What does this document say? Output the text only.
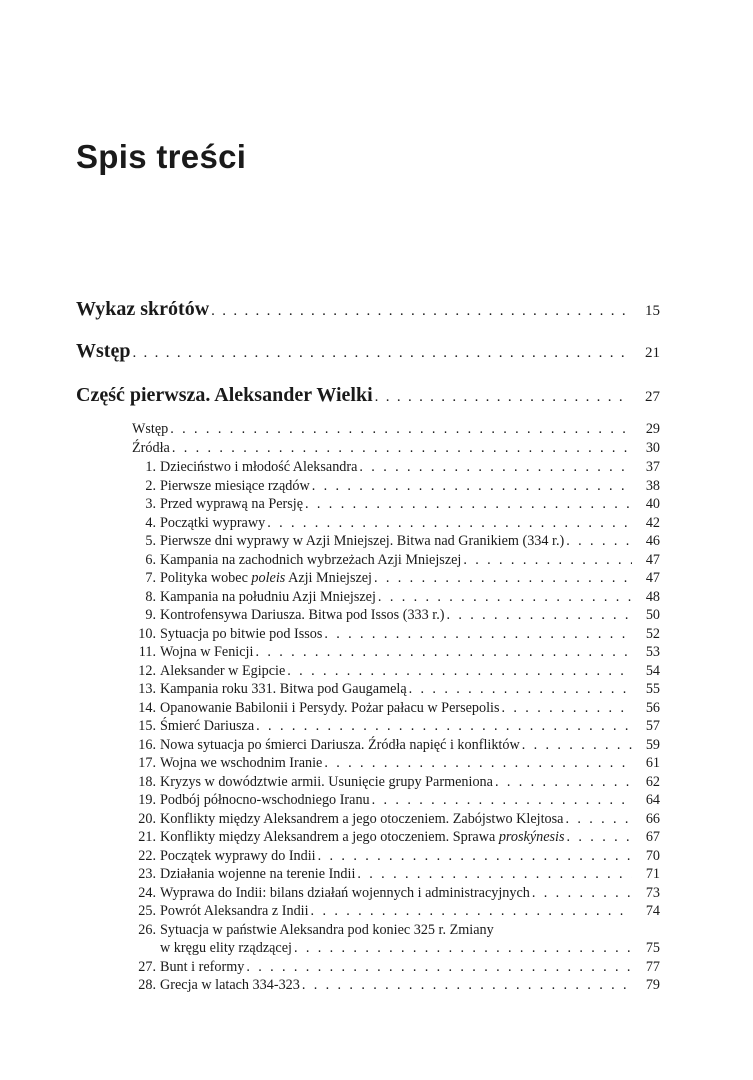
Spis treści
Wykaz skrótów . . .	15
Wstęp . . .	21
Część pierwsza. Aleksander Wielki . . .	27
Wstęp . . .	29
Źródła . . .	30
1. Dzieciństwo i młodość Aleksandra . . .	37
2. Pierwsze miesiące rządów . . .	38
3. Przed wyprawą na Persję . . .	40
4. Początki wyprawy . . .	42
5. Pierwsze dni wyprawy w Azji Mniejszej. Bitwa nad Granikiem (334 r.) . . .	46
6. Kampania na zachodnich wybrzeżach Azji Mniejszej . . .	47
7. Polityka wobec poleis Azji Mniejszej . . .	47
8. Kampania na południu Azji Mniejszej . . .	48
9. Kontrofensywa Dariusza. Bitwa pod Issos (333 r.) . . .	50
10. Sytuacja po bitwie pod Issos . . .	52
11. Wojna w Fenicji . . .	53
12. Aleksander w Egipcie . . .	54
13. Kampania roku 331. Bitwa pod Gaugamelą . . .	55
14. Opanowanie Babilonii i Persydy. Pożar pałacu w Persepolis . . .	56
15. Śmierć Dariusza . . .	57
16. Nowa sytuacja po śmierci Dariusza. Źródła napięć i konfliktów . . .	59
17. Wojna we wschodnim Iranie . . .	61
18. Kryzys w dowództwie armii. Usunięcie grupy Parmeniona . . .	62
19. Podbój północno-wschodniego Iranu . . .	64
20. Konflikty między Aleksandrem a jego otoczeniem. Zabójstwo Klejtosa . . .	66
21. Konflikty między Aleksandrem a jego otoczeniem. Sprawa proskýnesis . . .	67
22. Początek wyprawy do Indii . . .	70
23. Działania wojenne na terenie Indii . . .	71
24. Wyprawa do Indii: bilans działań wojennych i administracyjnych . . .	73
25. Powrót Aleksandra z Indii . . .	74
26. Sytuacja w państwie Aleksandra pod koniec 325 r. Zmiany
w kręgu elity rządzącej . . .	75
27. Bunt i reformy . . .	77
28. Grecja w latach 334-323 . . .	79
